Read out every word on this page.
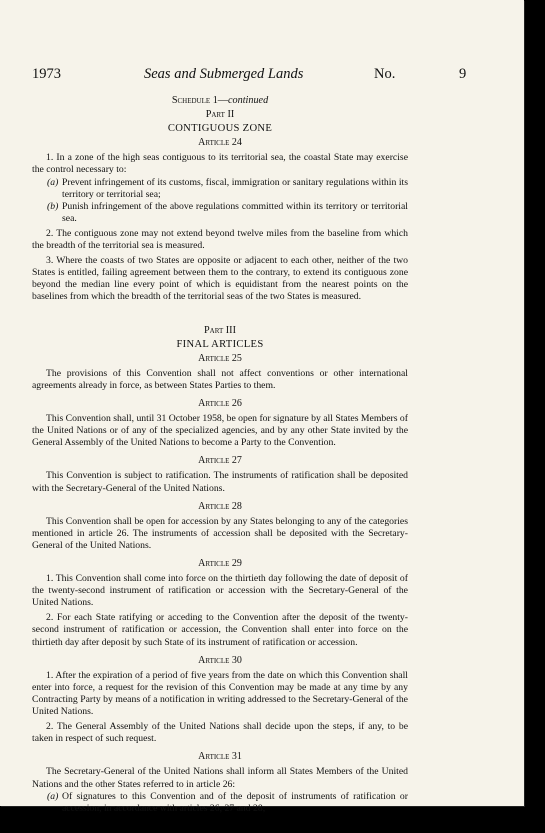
1973	Seas and Submerged Lands	No.	9
Schedule 1—continued
Part II
CONTIGUOUS ZONE
Article 24

1. In a zone of the high seas contiguous to its territorial sea, the coastal State may exercise the control necessary to:

(a) Prevent infringement of its customs, fiscal, immigration or sanitary regulations within its territory or territorial sea;

(b) Punish infringement of the above regulations committed within its territory or territorial sea.

2. The contiguous zone may not extend beyond twelve miles from the baseline from which the breadth of the territorial sea is measured.

3. Where the coasts of two States are opposite or adjacent to each other, neither of the two States is entitled, failing agreement between them to the contrary, to extend its contiguous zone beyond the median line every point of which is equidistant from the nearest points on the baselines from which the breadth of the territorial seas of the two States is measured.

Part III
FINAL ARTICLES
Article 25

The provisions of this Convention shall not affect conventions or other international agreements already in force, as between States Parties to them.

Article 26

This Convention shall, until 31 October 1958, be open for signature by all States Members of the United Nations or of any of the specialized agencies, and by any other State invited by the General Assembly of the United Nations to become a Party to the Convention.

Article 27

This Convention is subject to ratification. The instruments of ratification shall be deposited with the Secretary-General of the United Nations.

Article 28

This Convention shall be open for accession by any States belonging to any of the categories mentioned in article 26. The instruments of accession shall be deposited with the Secretary-General of the United Nations.

Article 29

1. This Convention shall come into force on the thirtieth day following the date of deposit of the twenty-second instrument of ratification or accession with the Secretary-General of the United Nations.

2. For each State ratifying or acceding to the Convention after the deposit of the twenty-second instrument of ratification or accession, the Convention shall enter into force on the thirtieth day after deposit by such State of its instrument of ratification or accession.

Article 30

1. After the expiration of a period of five years from the date on which this Convention shall enter into force, a request for the revision of this Convention may be made at any time by any Contracting Party by means of a notification in writing addressed to the Secretary-General of the United Nations.

2. The General Assembly of the United Nations shall decide upon the steps, if any, to be taken in respect of such request.

Article 31

The Secretary-General of the United Nations shall inform all States Members of the United Nations and the other States referred to in article 26:

(a) Of signatures to this Convention and of the deposit of instruments of ratification or accession, in accordance with articles 26, 27 and 28;
